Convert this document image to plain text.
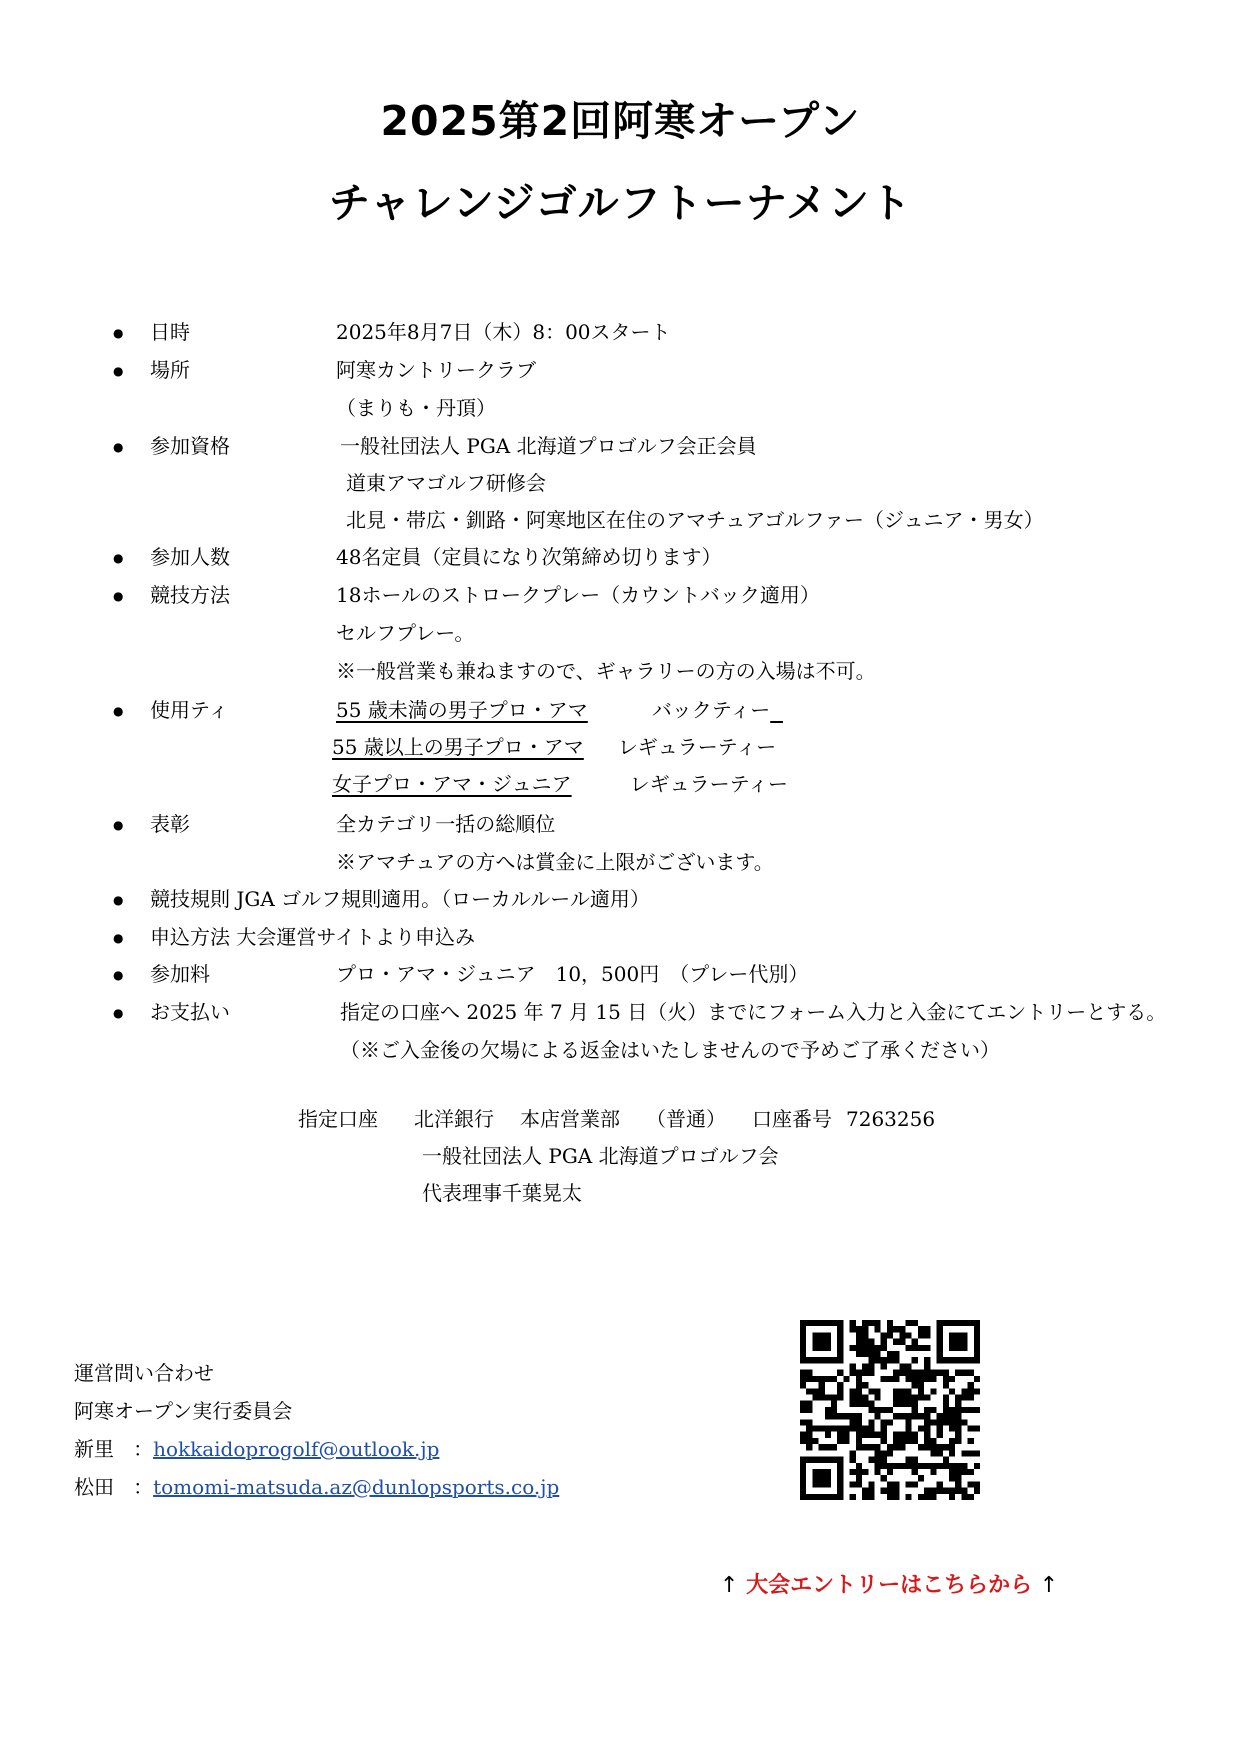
2025第2回阿寒オープン
チャレンジゴルフトーナメント
●
●
●
●
●
●
●
●
●
●
●
日時
場所
参加資格
参加人数
競技方法
使用ティ
表彰
競技規則 JGA ゴルフ規則適用。（ローカルルール適用）
申込方法 大会運営サイトより申込み
参加料
お支払い
2025年8月7日（木）8：00スタート
阿寒カントリークラブ
（まりも・丹頂）
一般社団法人 PGA 北海道プロゴルフ会正会員
道東アマゴルフ研修会
北見・帯広・釧路・阿寒地区在住のアマチュアゴルファー（ジュニア・男女）
48名定員（定員になり次第締め切ります）
18ホールのストロークプレー（カウントバック適用）
セルフプレー。
※一般営業も兼ねますので、ギャラリーの方の入場は不可。
55 歳未満の男子プロ・アマ	バックティー
55 歳以上の男子プロ・アマ レギュラーティー
女子プロ・アマ・ジュニア	レギュラーティー
全カテゴリ一括の総順位
※アマチュアの方へは賞金に上限がございます。
プロ・アマ・ジュニア　10，500円　（プレー代別）
指定の口座へ 2025 年 7 月 15 日（火）までにフォーム入力と入金にてエントリーとする。
（※ご入金後の欠場による返金はいたしませんので予めご了承ください）
指定口座 北洋銀行 本店営業部 （普通） 口座番号 7263256
一般社団法人 PGA 北海道プロゴルフ会
代表理事千葉晃太
運営問い合わせ
阿寒オープン実行委員会
新里   ：hokkaidoprogolf@outlook.jp
松田   ：tomomi-matsuda.az@dunlopsports.co.jp
↑ 大会エントリーはこちらから ↑
